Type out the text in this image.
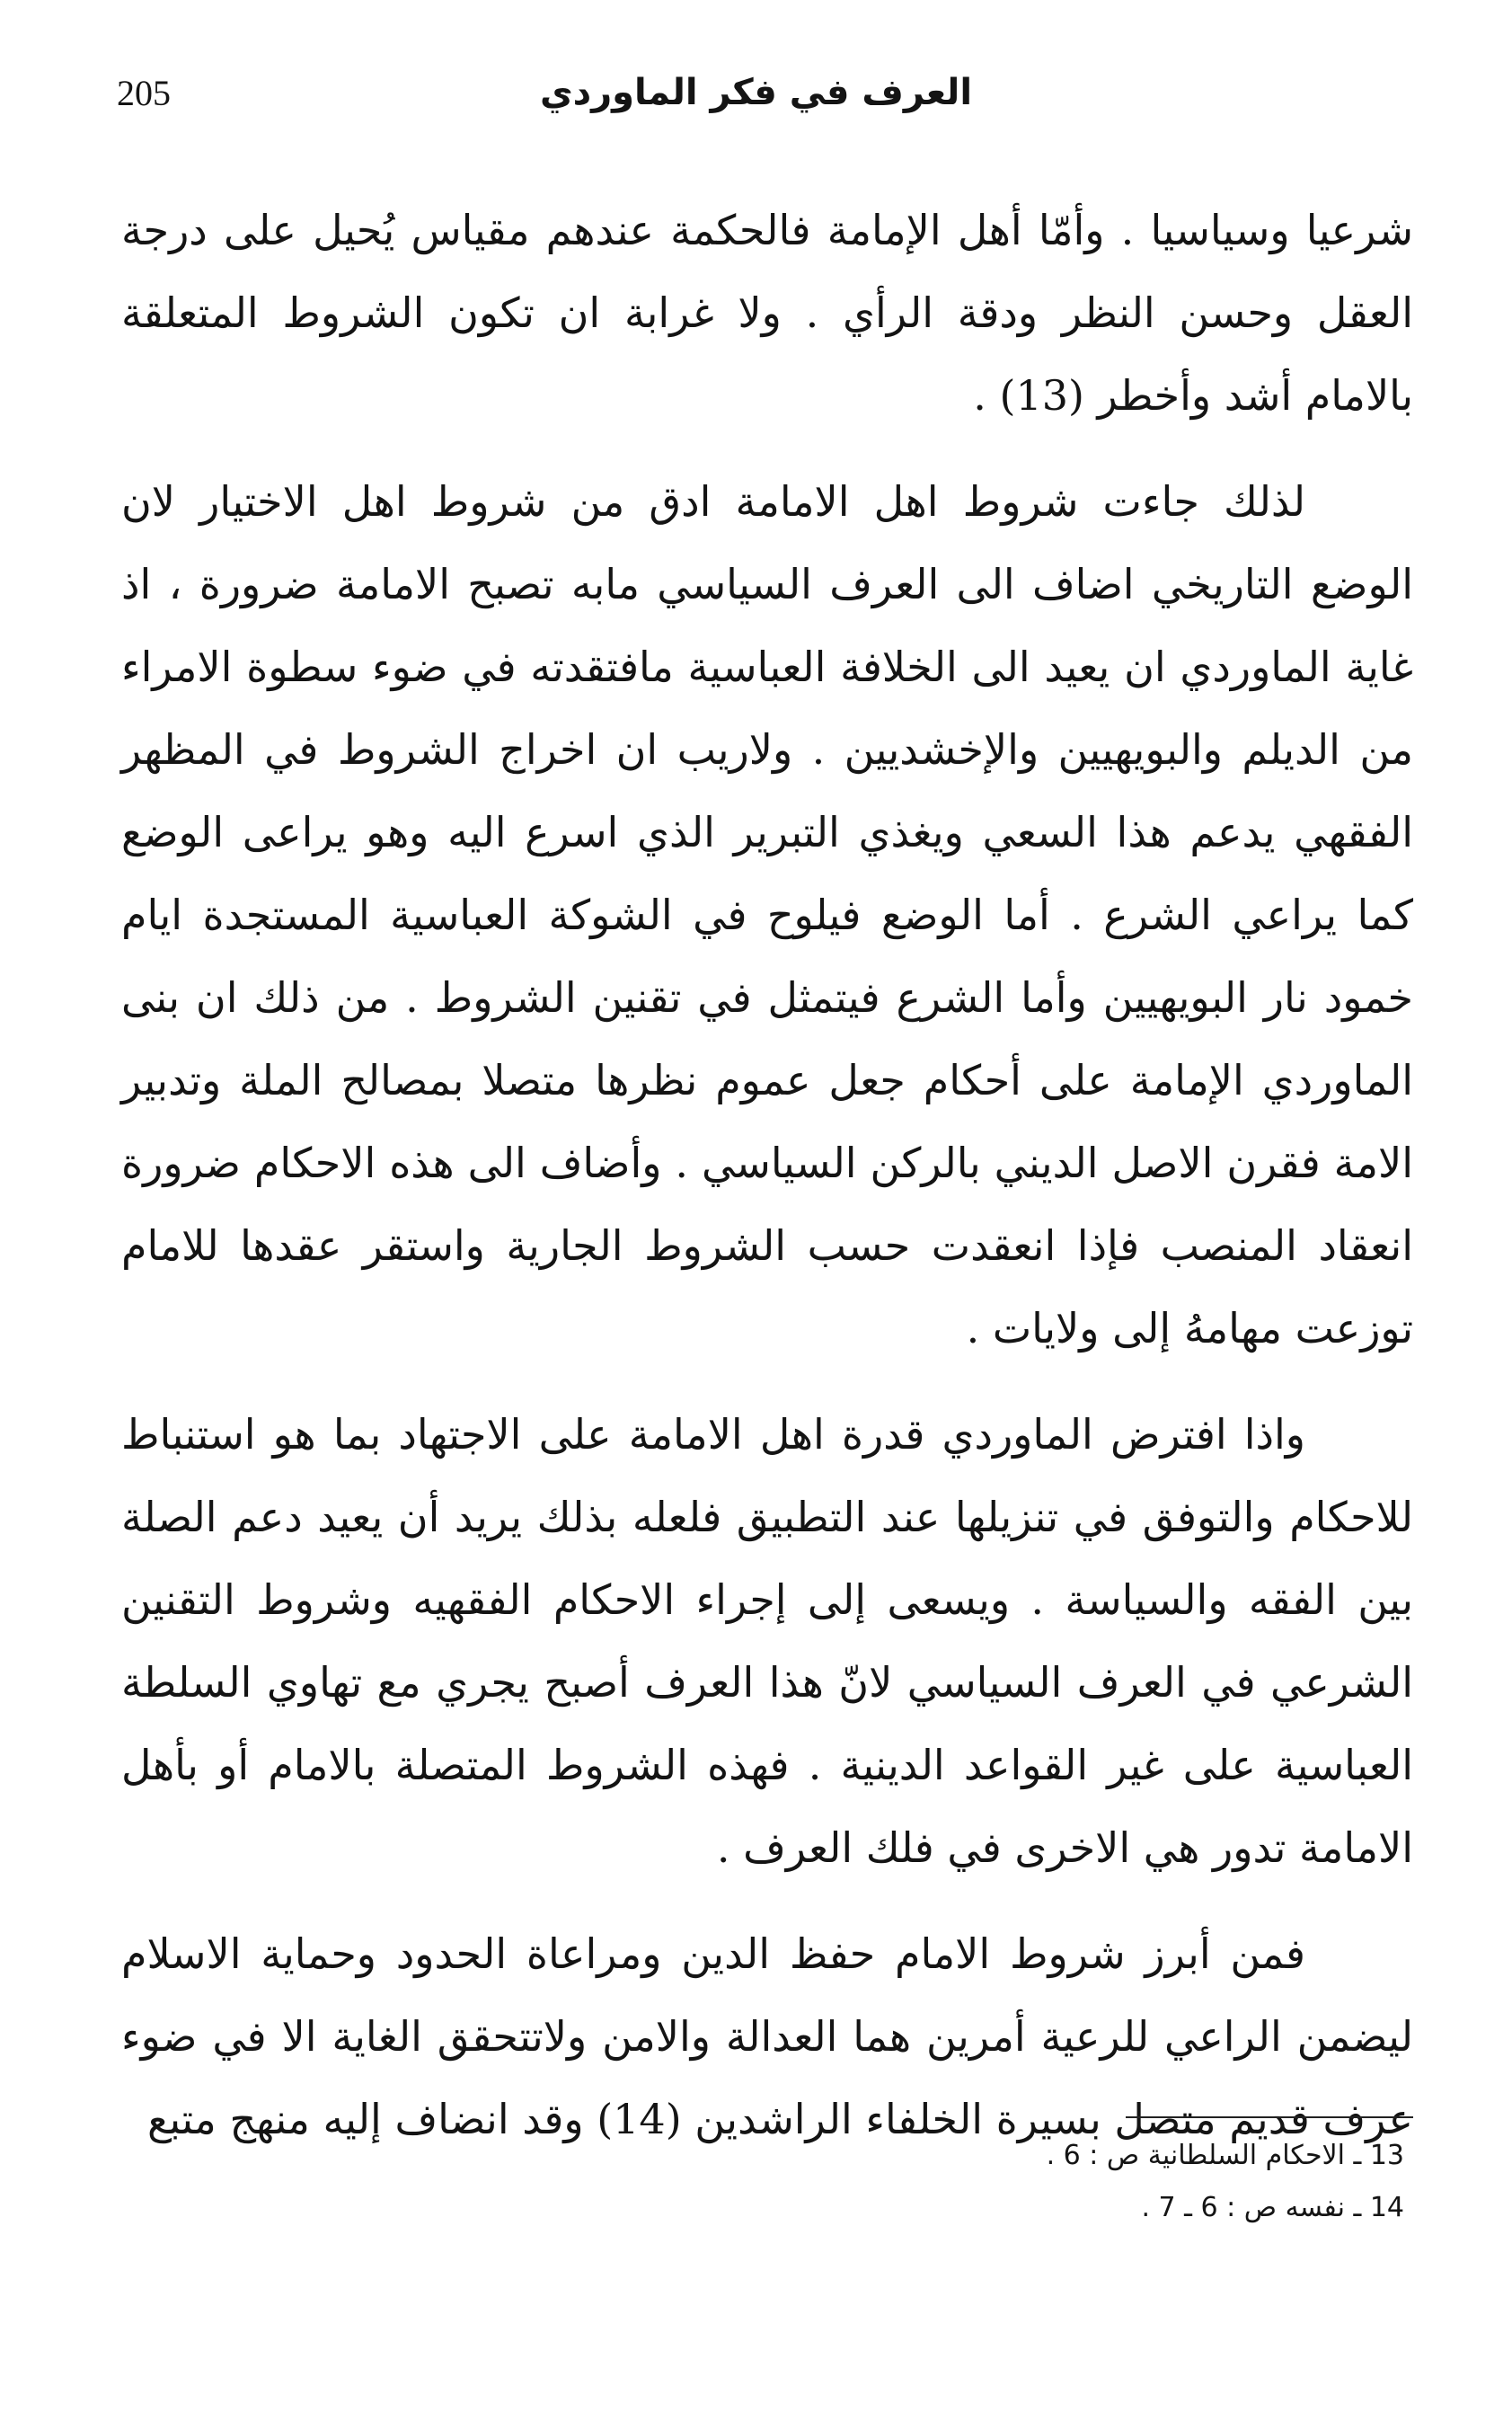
205	العرف في فكر الماوردي

شرعيا وسياسيا . وأمّا أهل الإمامة فالحكمة عندهم مقياس يُحيل على درجة العقل وحسن النظر ودقة الرأي . ولا غرابة ان تكون الشروط المتعلقة بالامام أشد وأخطر (13) .

لذلك جاءت شروط اهل الامامة ادق من شروط اهل الاختيار لان الوضع التاريخي اضاف الى العرف السياسي مابه تصبح الامامة ضرورة ، اذ غاية الماوردي ان يعيد الى الخلافة العباسية مافتقدته في ضوء سطوة الامراء من الديلم والبويهيين والإخشديين . ولاريب ان اخراج الشروط في المظهر الفقهي يدعم هذا السعي ويغذي التبرير الذي اسرع اليه وهو يراعى الوضع كما يراعي الشرع . أما الوضع فيلوح في الشوكة العباسية المستجدة ايام خمود نار البويهيين وأما الشرع فيتمثل في تقنين الشروط . من ذلك ان بنى الماوردي الإمامة على أحكام جعل عموم نظرها متصلا بمصالح الملة وتدبير الامة فقرن الاصل الديني بالركن السياسي . وأضاف الى هذه الاحكام ضرورة انعقاد المنصب فإذا انعقدت حسب الشروط الجارية واستقر عقدها للامام توزعت مهامهُ إلى ولايات .

واذا افترض الماوردي قدرة اهل الامامة على الاجتهاد بما هو استنباط للاحكام والتوفق في تنزيلها عند التطبيق فلعله بذلك يريد أن يعيد دعم الصلة بين الفقه والسياسة . ويسعى إلى إجراء الاحكام الفقهيه وشروط التقنين الشرعي في العرف السياسي لانّ هذا العرف أصبح يجري مع تهاوي السلطة العباسية على غير القواعد الدينية . فهذه الشروط المتصلة بالامام أو بأهل الامامة تدور هي الاخرى في فلك العرف .

فمن أبرز شروط الامام حفظ الدين ومراعاة الحدود وحماية الاسلام ليضمن الراعي للرعية أمرين هما العدالة والامن ولاتتحقق الغاية الا في ضوء عرف قديم متصل بسيرة الخلفاء الراشدين (14) وقد انضاف إليه منهج متبع

13 ـ الاحكام السلطانية ص : 6 .
14 ـ نفسه ص : 6 ـ 7 .
